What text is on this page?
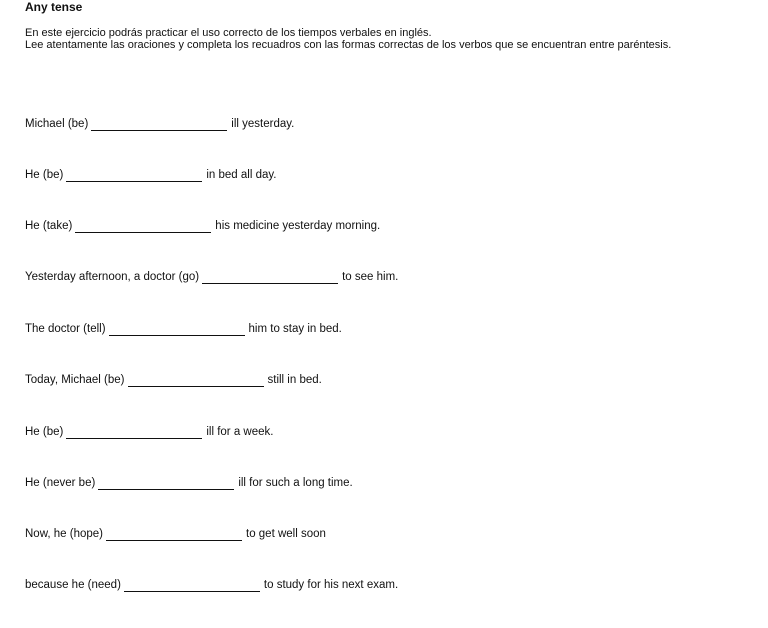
Any tense

En este ejercicio podrás practicar el uso correcto de los tiempos verbales en inglés.

Lee atentamente las oraciones y completa los recuadros con las formas correctas de los verbos que se encuentran entre paréntesis.

Michael (be)	ill yesterday.
He (be)	in bed all day.
He (take)	his medicine yesterday morning.
Yesterday afternoon, a doctor (go)	to see him.
The doctor (tell)	him to stay in bed.
Today, Michael (be)	still in bed.
He (be)	ill for a week.
He (never be)	ill for such a long time.
Now, he (hope)	to get well soon
because he (need)	to study for his next exam.
